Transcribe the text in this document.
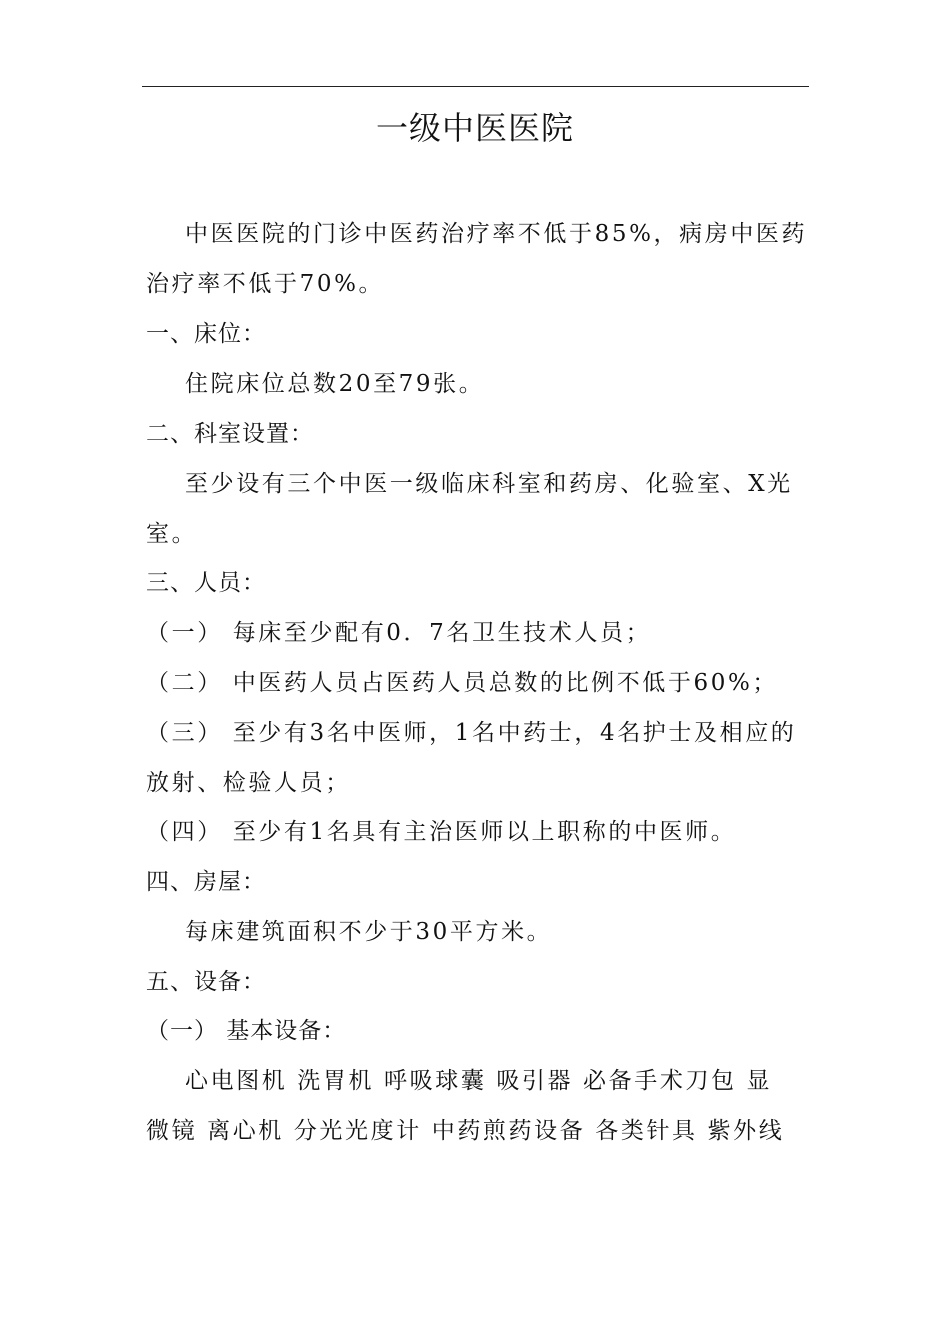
一级中医医院
中医医院的门诊中医药治疗率不低于85%，病房中医药
治疗率不低于70%。
一、床位：
住院床位总数20至79张。
二、科室设置：
至少设有三个中医一级临床科室和药房、化验室、X光
室。
三、人员：
（一） 每床至少配有0．7名卫生技术人员；
（二） 中医药人员占医药人员总数的比例不低于60%；
（三） 至少有3名中医师，1名中药士，4名护士及相应的
放射、检验人员；
（四） 至少有1名具有主治医师以上职称的中医师。
四、房屋：
每床建筑面积不少于30平方米。
五、设备：
（一） 基本设备：
心电图机 洗胃机 呼吸球囊 吸引器 必备手术刀包 显
微镜 离心机 分光光度计 中药煎药设备 各类针具 紫外线
